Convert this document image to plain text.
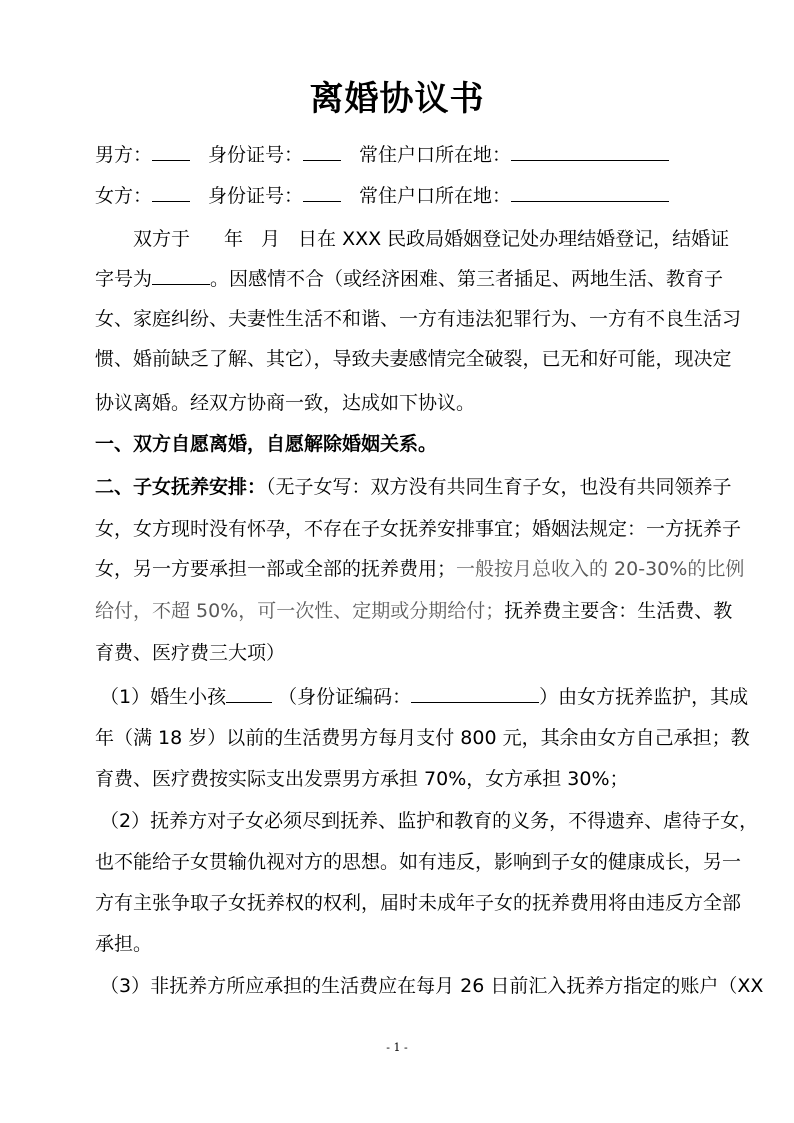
离婚协议书
男方：	身份证号：	常住户口所在地：
女方：	身份证号：	常住户口所在地：
双方于 年 月 日在 XXX 民政局婚姻登记处办理结婚登记，结婚证
字号为	。因感情不合（或经济困难、第三者插足、两地生活、教育子
女、家庭纠纷、夫妻性生活不和谐、一方有违法犯罪行为、一方有不良生活习
惯、婚前缺乏了解、其它），导致夫妻感情完全破裂，已无和好可能，现决定
协议离婚。经双方协商一致，达成如下协议。
一、双方自愿离婚，自愿解除婚姻关系。
二、子女抚养安排：（无子女写：双方没有共同生育子女，也没有共同领养子
女，女方现时没有怀孕，不存在子女抚养安排事宜；婚姻法规定：一方抚养子
女，另一方要承担一部或全部的抚养费用；一般按月总收入的 20-30%的比例
给付，不超 50%，可一次性、定期或分期给付；抚养费主要含：生活费、教
育费、医疗费三大项）
（1）婚生小孩	（身份证编码：	）由女方抚养监护，其成
年（满 18 岁）以前的生活费男方每月支付 800 元，其余由女方自己承担；教
育费、医疗费按实际支出发票男方承担 70%，女方承担 30%；
（2）抚养方对子女必须尽到抚养、监护和教育的义务，不得遗弃、虐待子女，
也不能给子女贯输仇视对方的思想。如有违反，影响到子女的健康成长，另一
方有主张争取子女抚养权的权利，届时未成年子女的抚养费用将由违反方全部
承担。
（3）非抚养方所应承担的生活费应在每月 26 日前汇入抚养方指定的账户（XX
- 1 -
